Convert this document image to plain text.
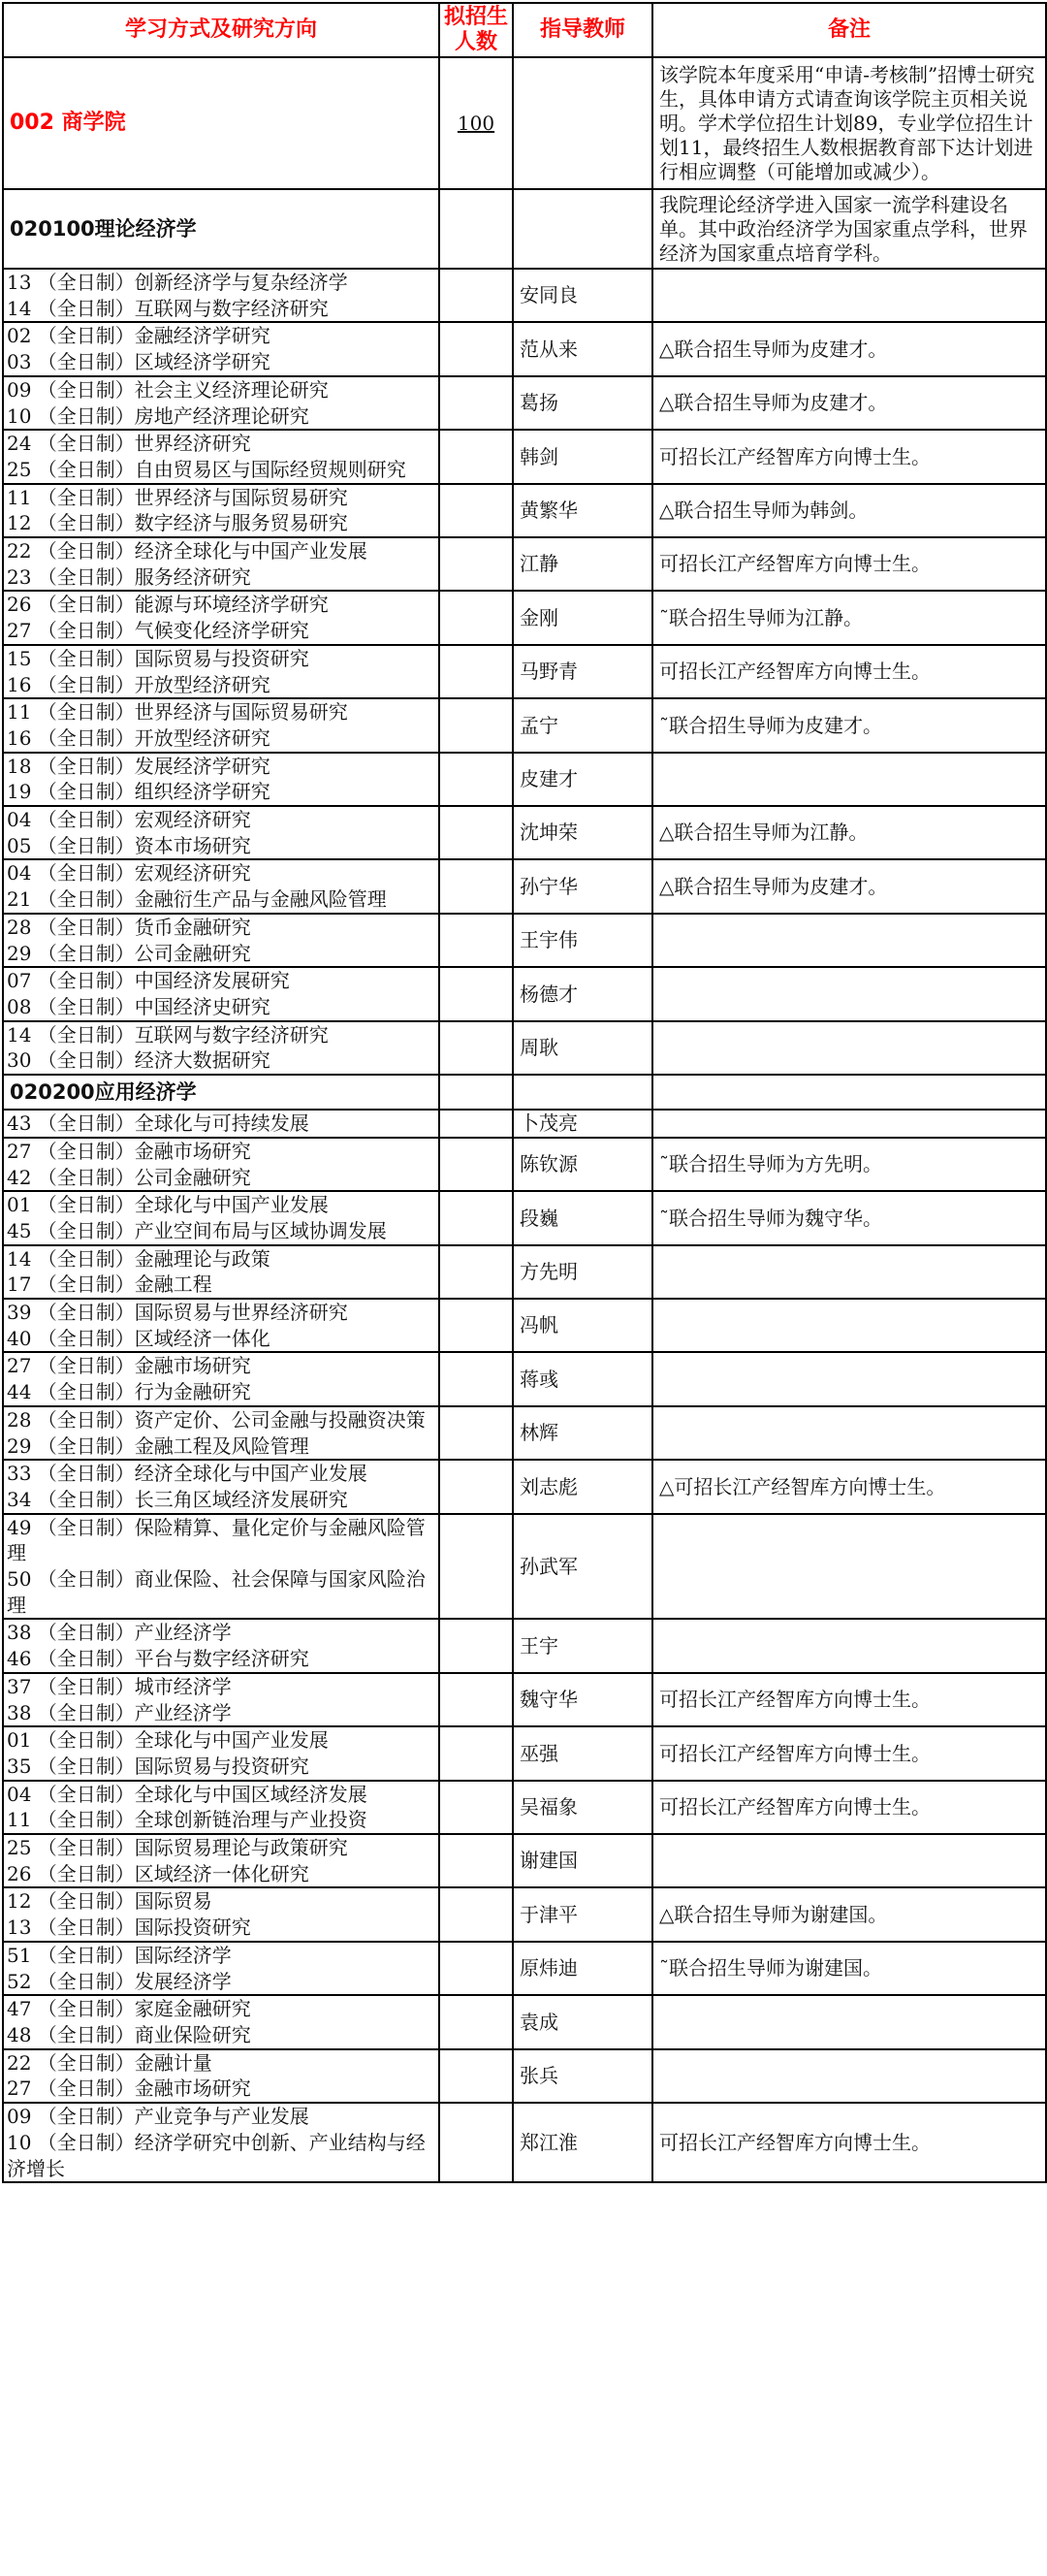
学习方式及研究方向	拟招生人数	指导教师	备注
002 商学院	100		该学院本年度采用“申请-考核制”招博士研究生，具体申请方式请查询该学院主页相关说明。学术学位招生计划89，专业学位招生计划11，最终招生人数根据教育部下达计划进行相应调整（可能增加或减少）。
020100理论经济学			我院理论经济学进入国家一流学科建设名单。其中政治经济学为国家重点学科，世界经济为国家重点培育学科。

13 （全日制）创新经济学与复杂经济学
14 （全日制）互联网与数字经济研究		安同良	

02 （全日制）金融经济学研究
03 （全日制）区域经济学研究		范从来	△联合招生导师为皮建才。

09 （全日制）社会主义经济理论研究
10 （全日制）房地产经济理论研究		葛扬	△联合招生导师为皮建才。

24 （全日制）世界经济研究
25 （全日制）自由贸易区与国际经贸规则研究		韩剑	可招长江产经智库方向博士生。

11 （全日制）世界经济与国际贸易研究
12 （全日制）数字经济与服务贸易研究		黄繁华	△联合招生导师为韩剑。

22 （全日制）经济全球化与中国产业发展
23 （全日制）服务经济研究		江静	可招长江产经智库方向博士生。

26 （全日制）能源与环境经济学研究
27 （全日制）气候变化经济学研究		金刚	˜联合招生导师为江静。

15 （全日制）国际贸易与投资研究
16 （全日制）开放型经济研究		马野青	可招长江产经智库方向博士生。

11 （全日制）世界经济与国际贸易研究
16 （全日制）开放型经济研究		孟宁	˜联合招生导师为皮建才。

18 （全日制）发展经济学研究
19 （全日制）组织经济学研究		皮建才	

04 （全日制）宏观经济研究
05 （全日制）资本市场研究		沈坤荣	△联合招生导师为江静。

04 （全日制）宏观经济研究
21 （全日制）金融衍生产品与金融风险管理		孙宁华	△联合招生导师为皮建才。

28 （全日制）货币金融研究
29 （全日制）公司金融研究		王宇伟	

07 （全日制）中国经济发展研究
08 （全日制）中国经济史研究		杨德才	

14 （全日制）互联网与数字经济研究
30 （全日制）经济大数据研究		周耿	
020200应用经济学			

43 （全日制）全球化与可持续发展		卜茂亮	

27 （全日制）金融市场研究
42 （全日制）公司金融研究		陈钦源	˜联合招生导师为方先明。

01 （全日制）全球化与中国产业发展
45 （全日制）产业空间布局与区域协调发展		段巍	˜联合招生导师为魏守华。

14 （全日制）金融理论与政策
17 （全日制）金融工程		方先明	

39 （全日制）国际贸易与世界经济研究
40 （全日制）区域经济一体化		冯帆	

27 （全日制）金融市场研究
44 （全日制）行为金融研究		蒋彧	

28 （全日制）资产定价、公司金融与投融资决策
29 （全日制）金融工程及风险管理		林辉	

33 （全日制）经济全球化与中国产业发展
34 （全日制）长三角区域经济发展研究		刘志彪	△可招长江产经智库方向博士生。

49 （全日制）保险精算、量化定价与金融风险管理
50 （全日制）商业保险、社会保障与国家风险治理		孙武军	

38 （全日制）产业经济学
46 （全日制）平台与数字经济研究		王宇	

37 （全日制）城市经济学
38 （全日制）产业经济学		魏守华	可招长江产经智库方向博士生。

01 （全日制）全球化与中国产业发展
35 （全日制）国际贸易与投资研究		巫强	可招长江产经智库方向博士生。

04 （全日制）全球化与中国区域经济发展
11 （全日制）全球创新链治理与产业投资		吴福象	可招长江产经智库方向博士生。

25 （全日制）国际贸易理论与政策研究
26 （全日制）区域经济一体化研究		谢建国	

12 （全日制）国际贸易
13 （全日制）国际投资研究		于津平	△联合招生导师为谢建国。

51 （全日制）国际经济学
52 （全日制）发展经济学		原炜迪	˜联合招生导师为谢建国。

47 （全日制）家庭金融研究
48 （全日制）商业保险研究		袁成	

22 （全日制）金融计量
27 （全日制）金融市场研究		张兵	

09 （全日制）产业竞争与产业发展
10 （全日制）经济学研究中创新、产业结构与经济增长		郑江淮	可招长江产经智库方向博士生。
